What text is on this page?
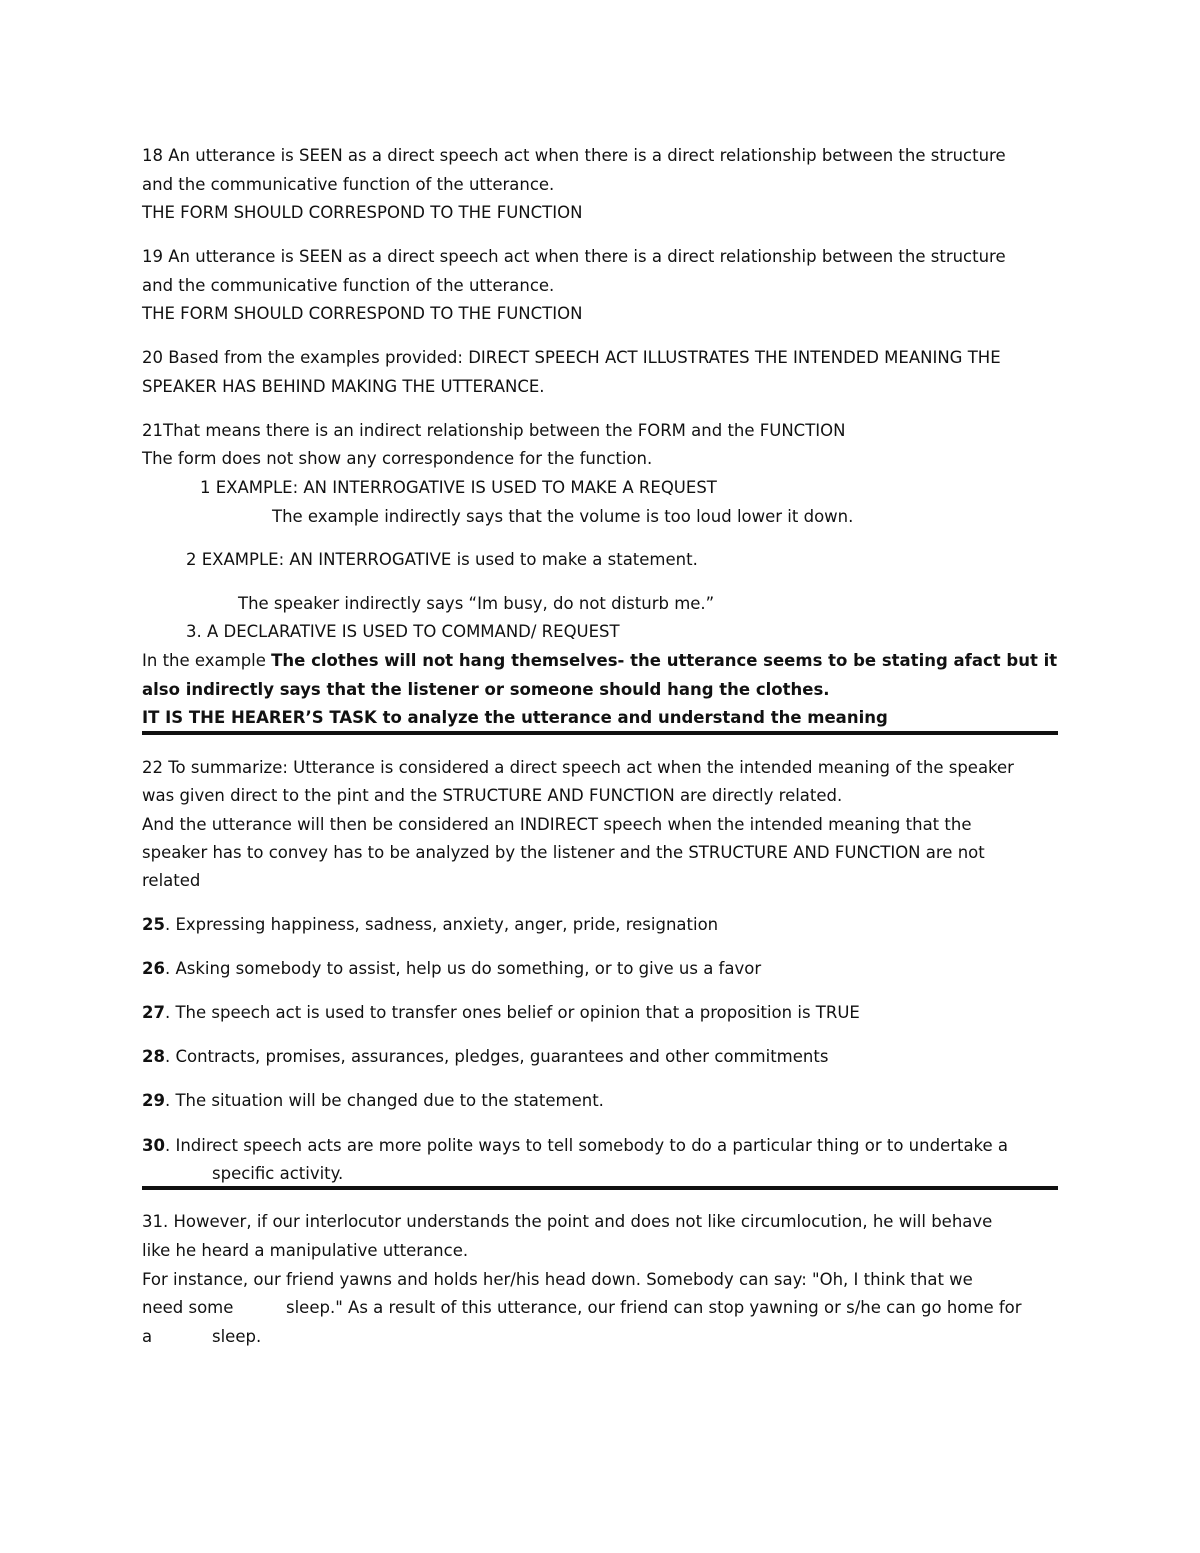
18 An utterance is SEEN as a direct speech act when there is a direct relationship between the structure
and the communicative function of the utterance.
THE FORM SHOULD CORRESPOND TO THE FUNCTION
19 An utterance is SEEN as a direct speech act when there is a direct relationship between the structure
and the communicative function of the utterance.
THE FORM SHOULD CORRESPOND TO THE FUNCTION
20 Based from the examples provided: DIRECT SPEECH ACT ILLUSTRATES THE INTENDED MEANING THE
SPEAKER HAS BEHIND MAKING THE UTTERANCE.
21That means there is an indirect relationship between the FORM and the FUNCTION
The form does not show any correspondence for the function.
1 EXAMPLE: AN INTERROGATIVE IS USED TO MAKE A REQUEST
The example indirectly says that the volume is too loud lower it down.
2 EXAMPLE: AN INTERROGATIVE is used to make a statement.
The speaker indirectly says “Im busy, do not disturb me.”
3. A DECLARATIVE IS USED TO COMMAND/ REQUEST
In the example The clothes will not hang themselves- the utterance seems to be stating afact but it
also indirectly says that the listener or someone should hang the clothes.
IT IS THE HEARER’S TASK to analyze the utterance and understand the meaning
22 To summarize: Utterance is considered a direct speech act when the intended meaning of the speaker
was given direct to the pint and the STRUCTURE AND FUNCTION are directly related.
And the utterance will then be considered an INDIRECT speech when the intended meaning that the
speaker has to convey has to be analyzed by the listener and the STRUCTURE AND FUNCTION are not
related
25. Expressing happiness, sadness, anxiety, anger, pride, resignation
26. Asking somebody to assist, help us do something, or to give us a favor
27. The speech act is used to transfer ones belief or opinion that a proposition is TRUE
28. Contracts, promises, assurances, pledges, guarantees and other commitments
29. The situation will be changed due to the statement.
30. Indirect speech acts are more polite ways to tell somebody to do a particular thing or to undertake a
specific activity.
31. However, if our interlocutor understands the point and does not like circumlocution, he will behave
like he heard a manipulative utterance.
For instance, our friend yawns and holds her/his head down. Somebody can say: "Oh, I think that we
need some	sleep." As a result of this utterance, our friend can stop yawning or s/he can go home for
a	sleep.
